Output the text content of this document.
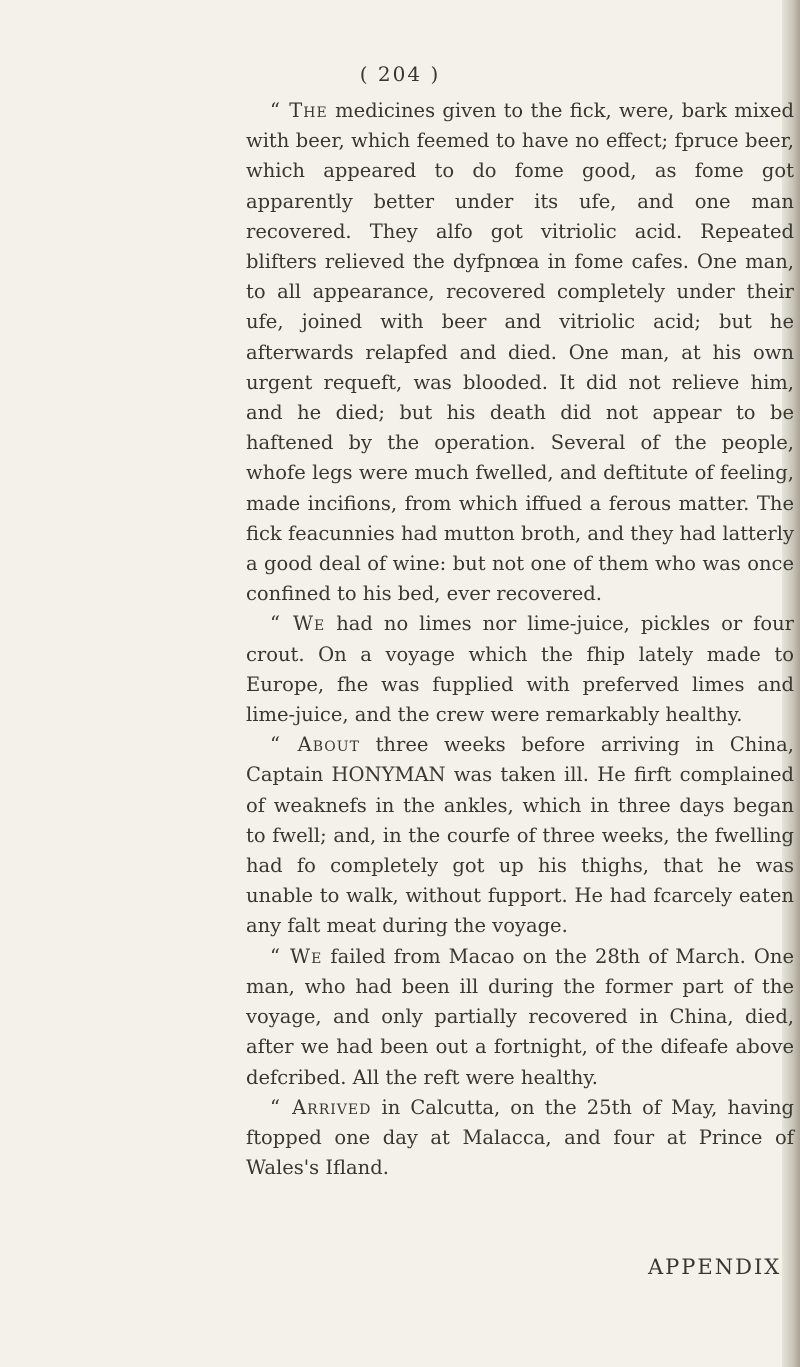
( 204 )

“ The medicines given to the fick, were, bark mixed with beer, which feemed to have no effect; fpruce beer, which appeared to do fome good, as fome got apparently better under its ufe, and one man recovered. They alfo got vitriolic acid. Repeated blifters relieved the dyfpnœa in fome cafes. One man, to all appearance, recovered completely under their ufe, joined with beer and vitriolic acid; but he afterwards relapfed and died. One man, at his own urgent requeft, was blooded. It did not relieve him, and he died; but his death did not appear to be haftened by the operation. Several of the people, whofe legs were much fwelled, and deftitute of feeling, made incifions, from which iffued a ferous matter. The fick feacunnies had mutton broth, and they had latterly a good deal of wine: but not one of them who was once confined to his bed, ever recovered.

“ We had no limes nor lime-juice, pickles or four crout. On a voyage which the fhip lately made to Europe, fhe was fupplied with preferved limes and lime-juice, and the crew were remarkably healthy.

“ About three weeks before arriving in China, Captain HONYMAN was taken ill. He firft complained of weaknefs in the ankles, which in three days began to fwell; and, in the courfe of three weeks, the fwelling had fo completely got up his thighs, that he was unable to walk, without fupport. He had fcarcely eaten any falt meat during the voyage.

“ We failed from Macao on the 28th of March. One man, who had been ill during the former part of the voyage, and only partially recovered in China, died, after we had been out a fortnight, of the difeafe above defcribed. All the reft were healthy.

“ Arrived in Calcutta, on the 25th of May, having ftopped one day at Malacca, and four at Prince of Wales's Ifland.

APPENDIX
